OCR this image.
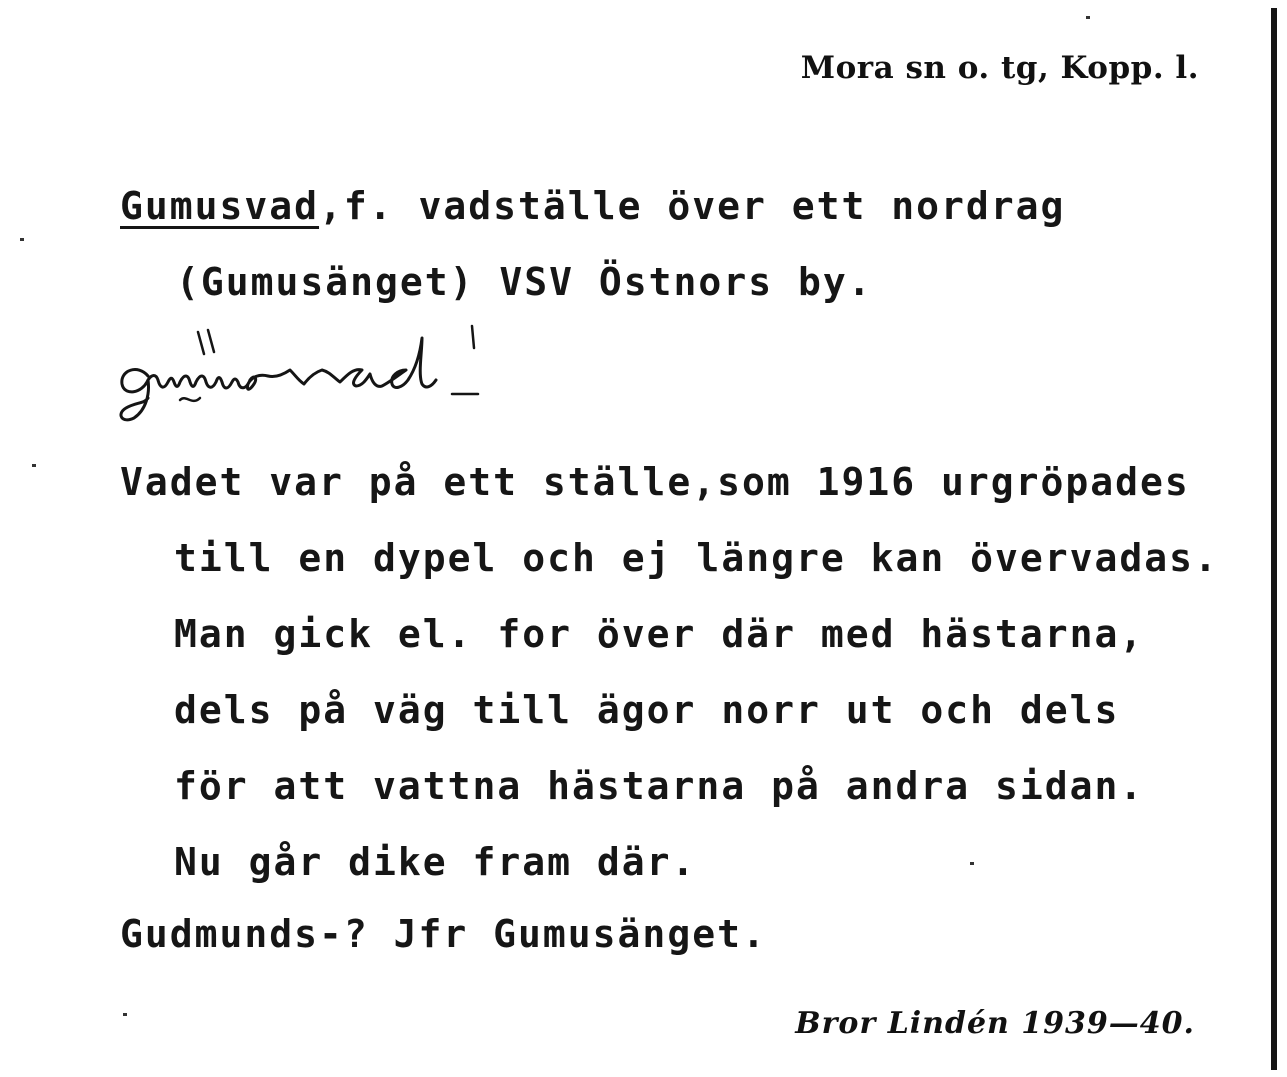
Mora sn o. tg, Kopp. l.
Gumusvad,f. vadställe över ett nordrag
(Gumusänget) VSV Östnors by.
gumusvad
Vadet var på ett ställe,som 1916 urgröpades
till en dypel och ej längre kan övervadas.
Man gick el. for över där med hästarna,
dels på väg till ägor norr ut och dels
för att vattna hästarna på andra sidan.
Nu går dike fram där.
Gudmunds-? Jfr Gumusänget.
Bror Lindén 1939—40.
